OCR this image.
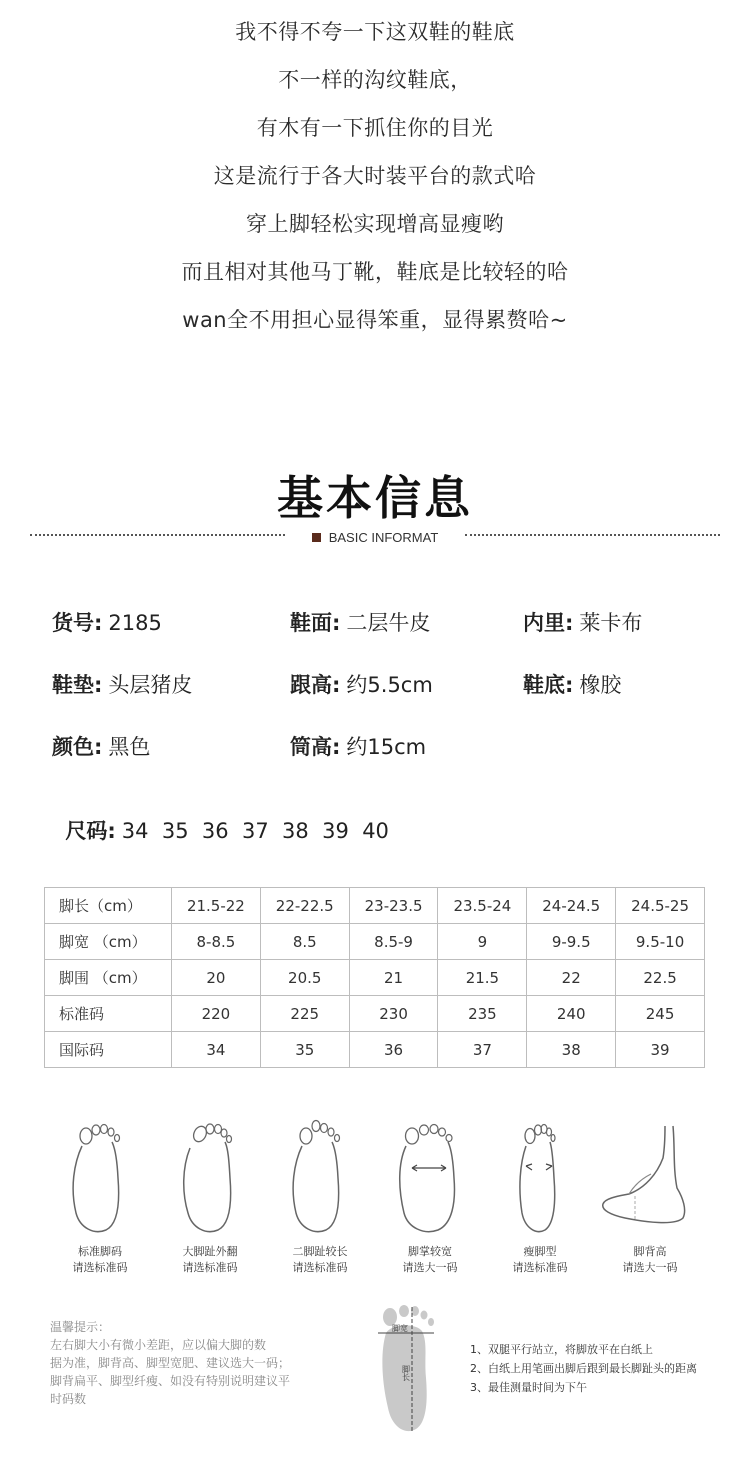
我不得不夸一下这双鞋的鞋底
不一样的沟纹鞋底，
有木有一下抓住你的目光
这是流行于各大时装平台的款式哈
穿上脚轻松实现增高显瘦哟
而且相对其他马丁靴，鞋底是比较轻的哈
wan全不用担心显得笨重，显得累赘哈~
基本信息
BASIC INFORMAT
货号: 2185	鞋面: 二层牛皮	内里: 莱卡布
鞋垫: 头层猪皮	跟高: 约5.5cm	鞋底: 橡胶
颜色: 黑色	筒高: 约15cm

尺码: 34  35  36  37  38  39  40

脚长（cm）	21.5-22	22-22.5	23-23.5	23.5-24	24-24.5	24.5-25
脚宽 （cm）	8-8.5	8.5	8.5-9	9	9-9.5	9.5-10
脚围 （cm）	20	20.5	21	21.5	22	22.5
标准码	220	225	230	235	240	245
国际码	34	35	36	37	38	39
标准脚码
请选标准码
大脚趾外翻
请选标准码
二脚趾较长
请选标准码
脚掌较宽
请选大一码
瘦脚型
请选标准码
脚背高
请选大一码
温馨提示：
左右脚大小有微小差距，应以偏大脚的数
据为准，脚背高、脚型宽肥、建议选大一码；
脚背扁平、脚型纤瘦、如没有特别说明建议平
时码数
脚宽
脚长
1、双腿平行站立，将脚放平在白纸上
2、白纸上用笔画出脚后跟到最长脚趾头的距离
3、最佳测量时间为下午
